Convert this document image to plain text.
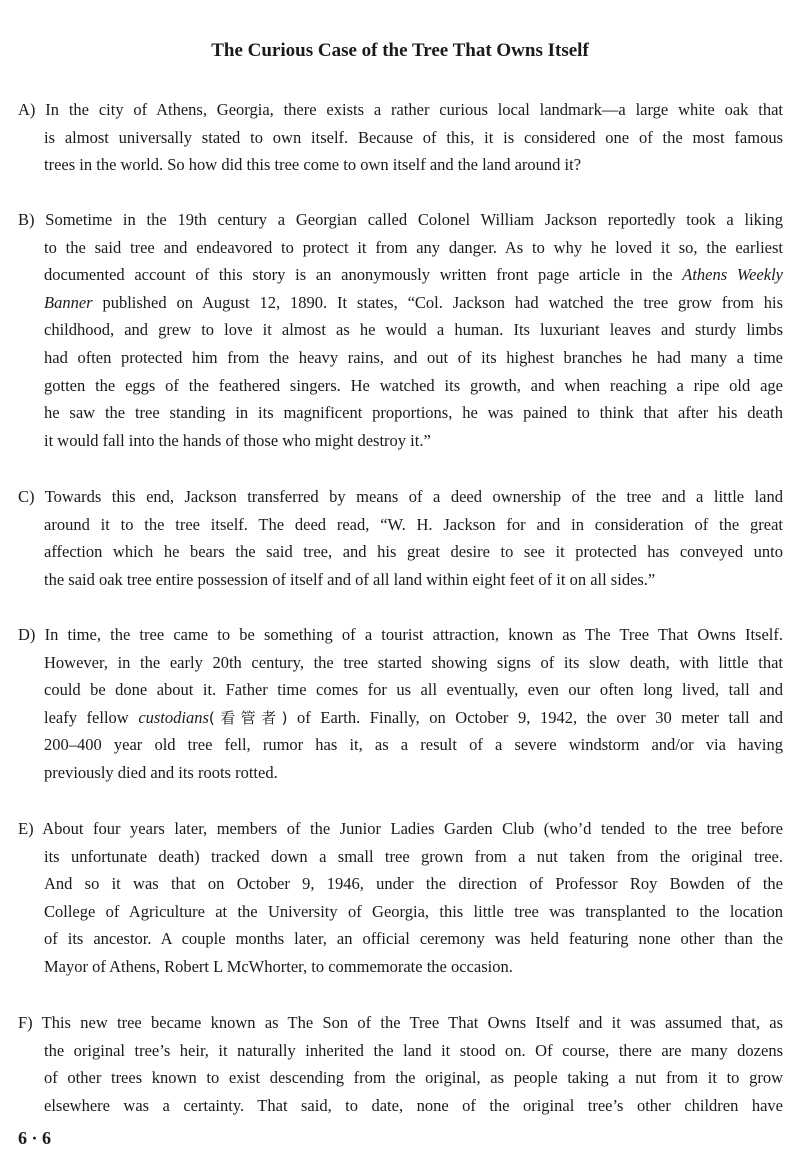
The Curious Case of the Tree That Owns Itself
A) In the city of Athens, Georgia, there exists a rather curious local landmark—a large white oak that
is almost universally stated to own itself. Because of this, it is considered one of the most famous
trees in the world. So how did this tree come to own itself and the land around it?
B) Sometime in the 19th century a Georgian called Colonel William Jackson reportedly took a liking
to the said tree and endeavored to protect it from any danger. As to why he loved it so, the earliest
documented account of this story is an anonymously written front page article in the Athens Weekly
Banner published on August 12, 1890. It states, “Col. Jackson had watched the tree grow from his
childhood, and grew to love it almost as he would a human. Its luxuriant leaves and sturdy limbs
had often protected him from the heavy rains, and out of its highest branches he had many a time
gotten the eggs of the feathered singers. He watched its growth, and when reaching a ripe old age
he saw the tree standing in its magnificent proportions, he was pained to think that after his death
it would fall into the hands of those who might destroy it.”
C) Towards this end, Jackson transferred by means of a deed ownership of the tree and a little land
around it to the tree itself. The deed read, “W. H. Jackson for and in consideration of the great
affection which he bears the said tree, and his great desire to see it protected has conveyed unto
the said oak tree entire possession of itself and of all land within eight feet of it on all sides.”
D) In time, the tree came to be something of a tourist attraction, known as The Tree That Owns Itself.
However, in the early 20th century, the tree started showing signs of its slow death, with little that
could be done about it. Father time comes for us all eventually, even our often long lived, tall and
leafy fellow custodians(看管者) of Earth. Finally, on October 9, 1942, the over 30 meter tall and
200–400 year old tree fell, rumor has it, as a result of a severe windstorm and/or via having
previously died and its roots rotted.
E) About four years later, members of the Junior Ladies Garden Club (who’d tended to the tree before
its unfortunate death) tracked down a small tree grown from a nut taken from the original tree.
And so it was that on October 9, 1946, under the direction of Professor Roy Bowden of the
College of Agriculture at the University of Georgia, this little tree was transplanted to the location
of its ancestor. A couple months later, an official ceremony was held featuring none other than the
Mayor of Athens, Robert L McWhorter, to commemorate the occasion.
F) This new tree became known as The Son of the Tree That Owns Itself and it was assumed that, as
the original tree’s heir, it naturally inherited the land it stood on. Of course, there are many dozens
of other trees known to exist descending from the original, as people taking a nut from it to grow
elsewhere was a certainty. That said, to date, none of the original tree’s other children have
6 · 6
